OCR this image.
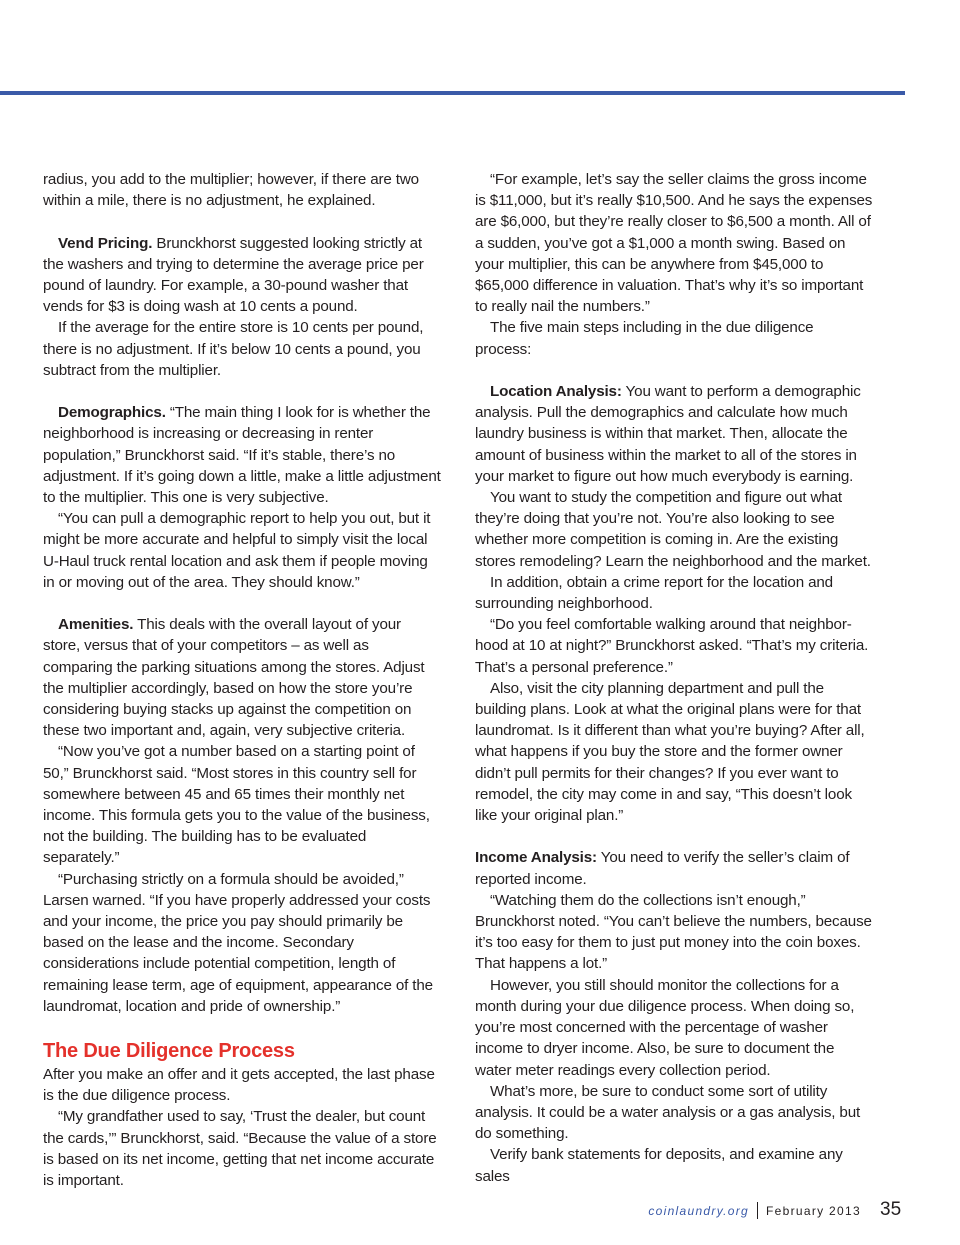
radius, you add to the multiplier; however, if there are two within a mile, there is no adjustment, he explained.

Vend Pricing. Brunckhorst suggested looking strictly at the washers and trying to determine the average price per pound of laundry. For example, a 30-pound washer that vends for $3 is doing wash at 10 cents a pound.

If the average for the entire store is 10 cents per pound, there is no adjustment. If it’s below 10 cents a pound, you subtract from the multiplier.

Demographics. “The main thing I look for is whether the neighborhood is increasing or decreasing in renter population,” Brunckhorst said. “If it’s stable, there’s no adjustment. If it’s going down a little, make a little adjustment to the multiplier. This one is very subjective.

“You can pull a demographic report to help you out, but it might be more accurate and helpful to simply visit the local U-Haul truck rental location and ask them if people moving in or moving out of the area. They should know.”

Amenities. This deals with the overall layout of your store, versus that of your competitors – as well as comparing the parking situations among the stores. Adjust the multiplier accordingly, based on how the store you’re considering buying stacks up against the competition on these two important and, again, very subjective criteria.

“Now you’ve got a number based on a starting point of 50,” Brunckhorst said. “Most stores in this country sell for somewhere between 45 and 65 times their monthly net income. This formula gets you to the value of the business, not the building. The building has to be evaluated separately.”

“Purchasing strictly on a formula should be avoided,” Larsen warned. “If you have properly addressed your costs and your income, the price you pay should primarily be based on the lease and the income. Secondary considerations include potential competition, length of remaining lease term, age of equipment, appearance of the laundromat, location and pride of ownership.”

The Due Diligence Process

After you make an offer and it gets accepted, the last phase is the due diligence process.

“My grandfather used to say, ‘Trust the dealer, but count the cards,’” Brunckhorst, said. “Because the value of a store is based on its net income, getting that net income accurate is important.

“For example, let’s say the seller claims the gross income is $11,000, but it’s really $10,500. And he says the expenses are $6,000, but they’re really closer to $6,500 a month. All of a sudden, you’ve got a $1,000 a month swing. Based on your multiplier, this can be anywhere from $45,000 to $65,000 difference in valuation. That’s why it’s so important to really nail the numbers.”

The five main steps including in the due diligence process:

Location Analysis: You want to perform a demographic analysis. Pull the demographics and calculate how much laundry business is within that market. Then, allocate the amount of business within the market to all of the stores in your market to figure out how much everybody is earning.

You want to study the competition and figure out what they’re doing that you’re not. You’re also looking to see whether more competition is coming in. Are the existing stores remodeling? Learn the neighborhood and the market.

In addition, obtain a crime report for the location and surrounding neighborhood.

“Do you feel comfortable walking around that neighbor-hood at 10 at night?” Brunckhorst asked. “That’s my criteria. That’s a personal preference.”

Also, visit the city planning department and pull the building plans. Look at what the original plans were for that laundromat. Is it different than what you’re buying? After all, what happens if you buy the store and the former owner didn’t pull permits for their changes? If you ever want to remodel, the city may come in and say, “This doesn’t look like your original plan.”

Income Analysis: You need to verify the seller’s claim of reported income.

“Watching them do the collections isn’t enough,” Brunckhorst noted. “You can’t believe the numbers, because it’s too easy for them to just put money into the coin boxes. That happens a lot.”

However, you still should monitor the collections for a month during your due diligence process. When doing so, you’re most concerned with the percentage of washer income to dryer income. Also, be sure to document the water meter readings every collection period.

What’s more, be sure to conduct some sort of utility analysis. It could be a water analysis or a gas analysis, but do something.

Verify bank statements for deposits, and examine any sales

coinlaundry.org February 2013 35
